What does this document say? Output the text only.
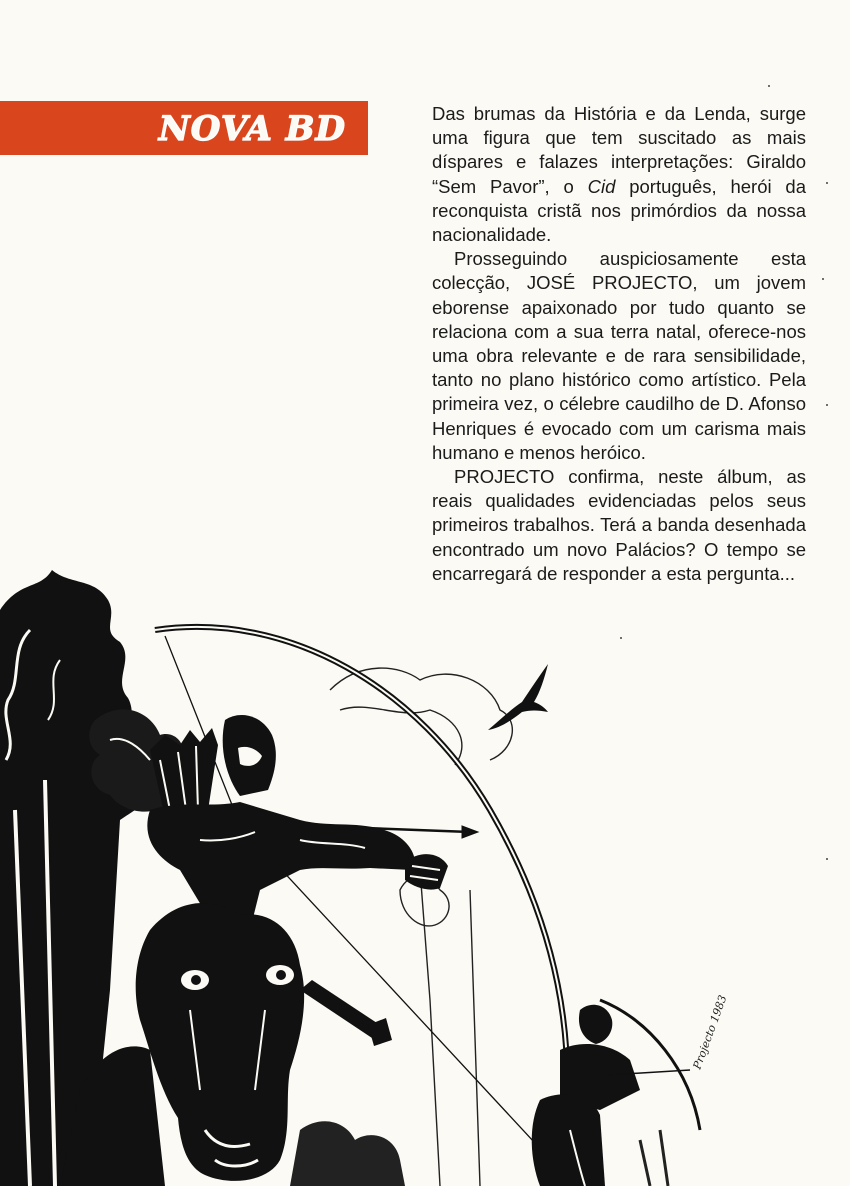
NOVA BD	Das brumas da História e da Lenda, surge uma figura que tem suscitado as mais díspares e falazes interpretações: Giraldo “Sem Pavor”, o Cid português, herói da reconquista cristã nos primórdios da nossa nacionalidade.

Prosseguindo auspiciosamente esta colecção, JOSÉ PROJECTO, um jovem eborense apaixonado por tudo quanto se relaciona com a sua terra natal, oferece-nos uma obra relevante e de rara sensibilidade, tanto no plano histórico como artístico. Pela primeira vez, o célebre caudilho de D. Afonso Henriques é evocado com um carisma mais humano e menos heróico.

PROJECTO confirma, neste álbum, as reais qualidades evidenciadas pelos seus primeiros trabalhos. Terá a banda desenhada encontrado um novo Palácios? O tempo se encarregará de responder a esta pergunta...

Projecto 1983
